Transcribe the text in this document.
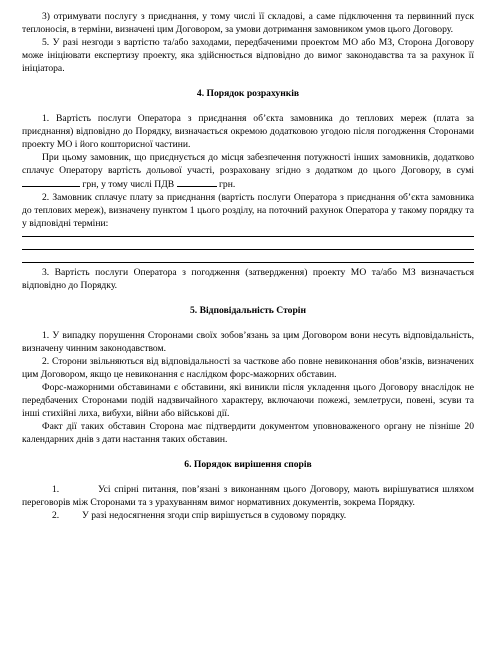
3) отримувати послугу з приєднання, у тому числі її складові, а саме підключення та первинний пуск теплоносія, в терміни, визначені цим Договором, за умови дотримання замовником умов цього Договору.

5. У разі незгоди з вартістю та/або заходами, передбаченими проектом МО або МЗ, Сторона Договору може ініціювати експертизу проекту, яка здійснюється відповідно до вимог законодавства та за рахунок її ініціатора.

4. Порядок розрахунків

1. Вартість послуги Оператора з приєднання об’єкта замовника до теплових мереж (плата за приєднання) відповідно до Порядку, визначається окремою додатковою угодою після погодження Сторонами проекту МО і його кошторисної частини.

При цьому замовник, що приєднується до місця забезпечення потужності інших замовників, додатково сплачує Оператору вартість дольової участі, розраховану згідно з додатком до цього Договору, в сумі  грн, у тому числі ПДВ	грн.

2. Замовник сплачує плату за приєднання (вартість послуги Оператора з приєднання об’єкта замовника до теплових мереж), визначену пунктом 1 цього розділу, на поточний рахунок Оператора у такому порядку та у відповідні терміни:

3. Вартість послуги Оператора з погодження (затвердження) проекту МО та/або МЗ визначається відповідно до Порядку.

5. Відповідальність Сторін

1. У випадку порушення Сторонами своїх зобов’язань за цим Договором вони несуть відповідальність, визначену чинним законодавством.

2. Сторони звільняються від відповідальності за часткове або повне невиконання обов’язків, визначених цим Договором, якщо це невиконання є наслідком форс-мажорних обставин.

Форс-мажорними обставинами є обставини, які виникли після укладення цього Договору внаслідок не передбачених Сторонами подій надзвичайного характеру, включаючи пожежі, землетруси, повені, зсуви та інші стихійні лиха, вибухи, війни або військові дії.

Факт дії таких обставин Сторона має підтвердити документом уповноваженого органу не пізніше 20 календарних днів з дати настання таких обставин.

6. Порядок вирішення спорів

1.	Усі спірні питання, пов’язані з виконанням цього Договору, мають вирішуватися шляхом переговорів між Сторонами та з урахуванням вимог нормативних документів, зокрема Порядку.

2. У разі недосягнення згоди спір вирішується в судовому порядку.
